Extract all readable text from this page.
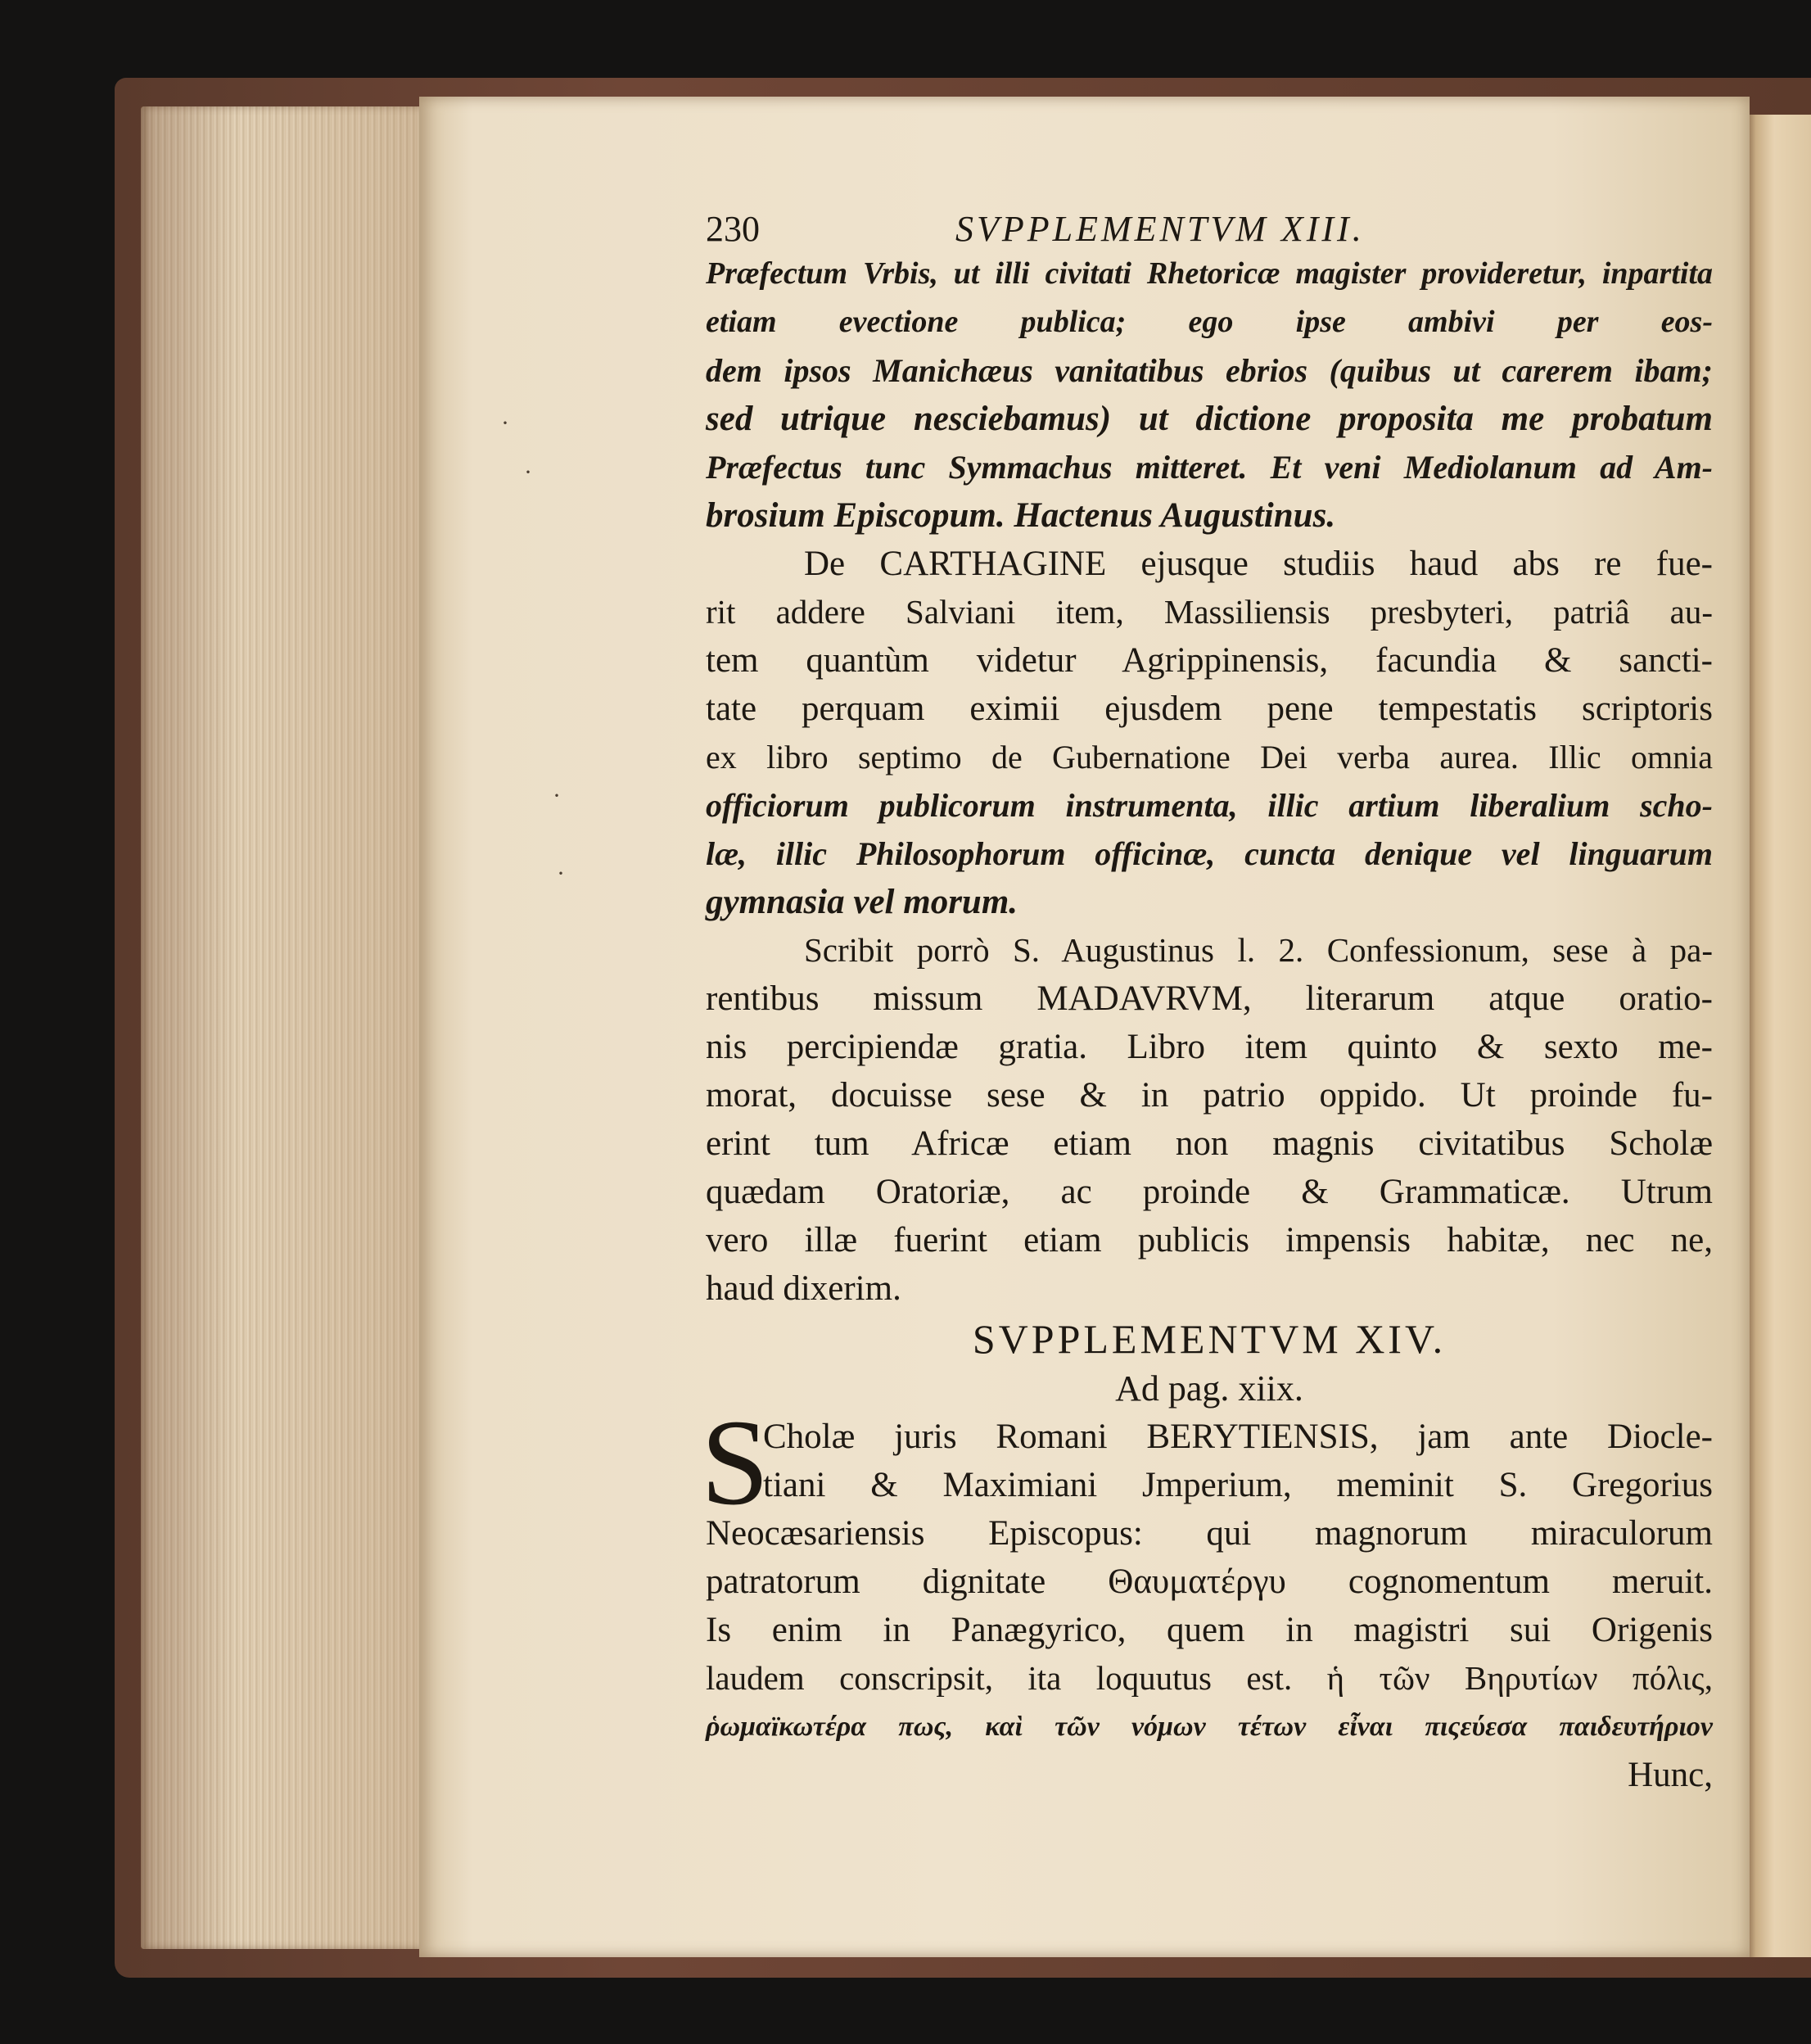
·
·
·
·
230	SVPPLEMENTVM XIII.
Præfectum Vrbis, ut illi civitati Rhetoricæ magister provideretur, inpartita etiam evectione publica; ego ipse ambivi per eos-
dem ipsos Manichæus vanitatibus ebrios (quibus ut carerem ibam;
sed utrique nesciebamus) ut dictione proposita me probatum
Præfectus tunc Symmachus mitteret. Et veni Mediolanum ad Am-
brosium Episcopum. Hactenus Augustinus.
De CARTHAGINE ejusque studiis haud abs re fue-
rit addere Salviani item, Massiliensis presbyteri, patriâ au-
tem quantùm videtur Agrippinensis, facundia & sancti-
tate perquam eximii ejusdem pene tempestatis scriptoris
ex libro septimo de Gubernatione Dei verba aurea. Illic omnia
officiorum publicorum instrumenta, illic artium liberalium scho-
læ, illic Philosophorum officinæ, cuncta denique vel linguarum
gymnasia vel morum.
Scribit porrò S. Augustinus l. 2. Confessionum, sese à pa-
rentibus missum MADAVRVM, literarum atque oratio-
nis percipiendæ gratia. Libro item quinto & sexto me-
morat, docuisse sese & in patrio oppido. Ut proinde fu-
erint tum Africæ etiam non magnis civitatibus Scholæ
quædam Oratoriæ, ac proinde & Grammaticæ. Utrum
vero illæ fuerint etiam publicis impensis habitæ, nec ne,
haud dixerim.
SVPPLEMENTVM XIV.
Ad pag. xiix.
S
Cholæ juris Romani BERYTIENSIS, jam ante Diocle-
tiani & Maximiani Jmperium, meminit S. Gregorius
Neocæsariensis Episcopus: qui magnorum miraculorum
patratorum dignitate Θαυματέργυ cognomentum meruit.
Is enim in Panægyrico, quem in magistri sui Origenis
laudem conscripsit, ita loquutus est. ἡ τῶν Βηρυτίων πόλις,
ῥωμαϊκωτέρα πως, καὶ τῶν νόμων τέτων εἶναι πιςεύεσα παιδευτήριον
Hunc,
